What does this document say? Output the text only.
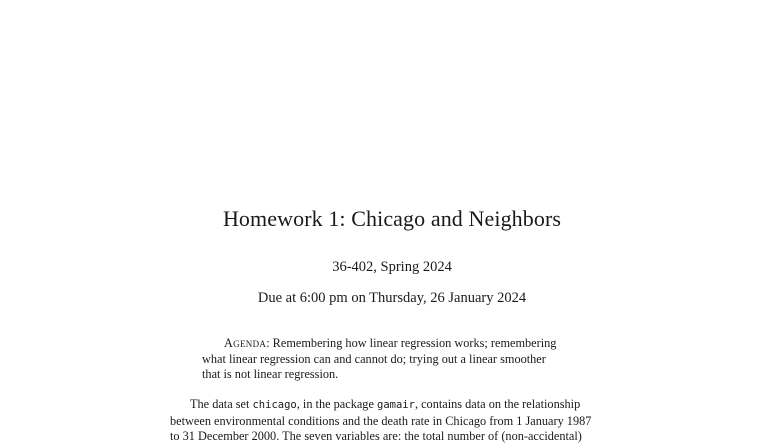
Homework 1: Chicago and Neighbors
36-402, Spring 2024
Due at 6:00 pm on Thursday, 26 January 2024
Agenda: Remembering how linear regression works; remembering
what linear regression can and cannot do; trying out a linear smoother
that is not linear regression.
The data set chicago, in the package gamair, contains data on the relationship
between environmental conditions and the death rate in Chicago from 1 January 1987
to 31 December 2000. The seven variables are: the total number of (non-accidental)
